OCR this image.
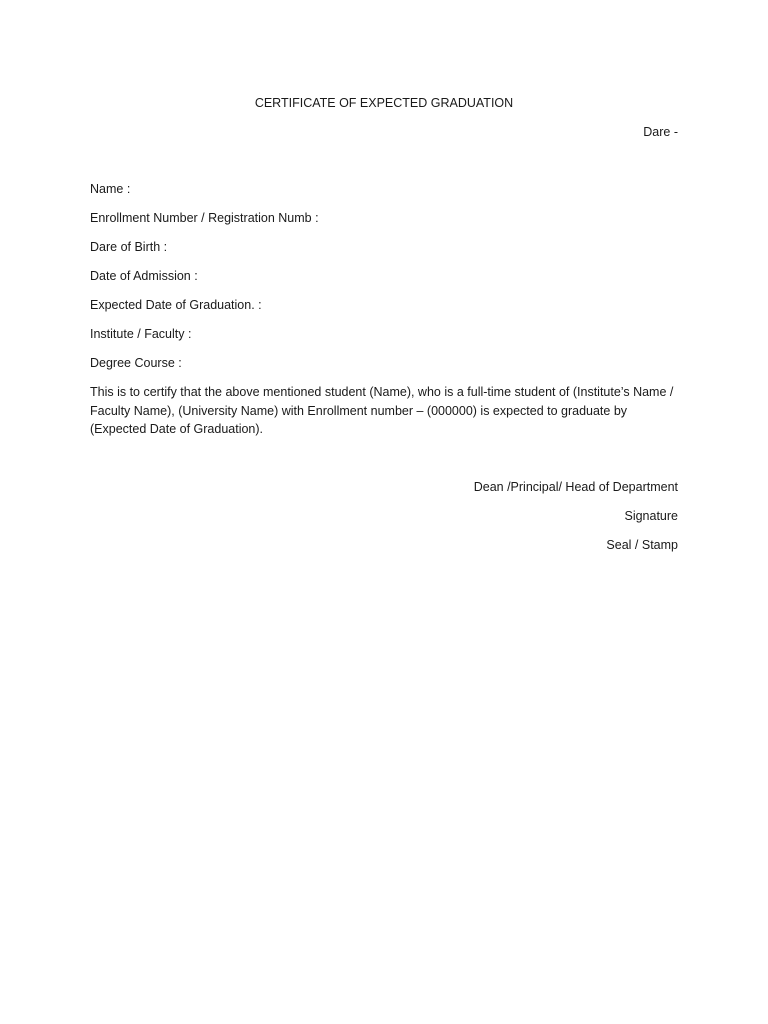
CERTIFICATE OF EXPECTED GRADUATION
Dare -
Name :
Enrollment Number / Registration Numb :
Dare of Birth :
Date of Admission :
Expected Date of Graduation. :
Institute / Faculty :
Degree Course :
This is to certify that the above mentioned student (Name), who is a full-time student of (Institute’s Name / Faculty Name), (University Name) with Enrollment number – (000000) is expected to graduate by (Expected Date of Graduation).
Dean /Principal/ Head of Department
Signature
Seal / Stamp
